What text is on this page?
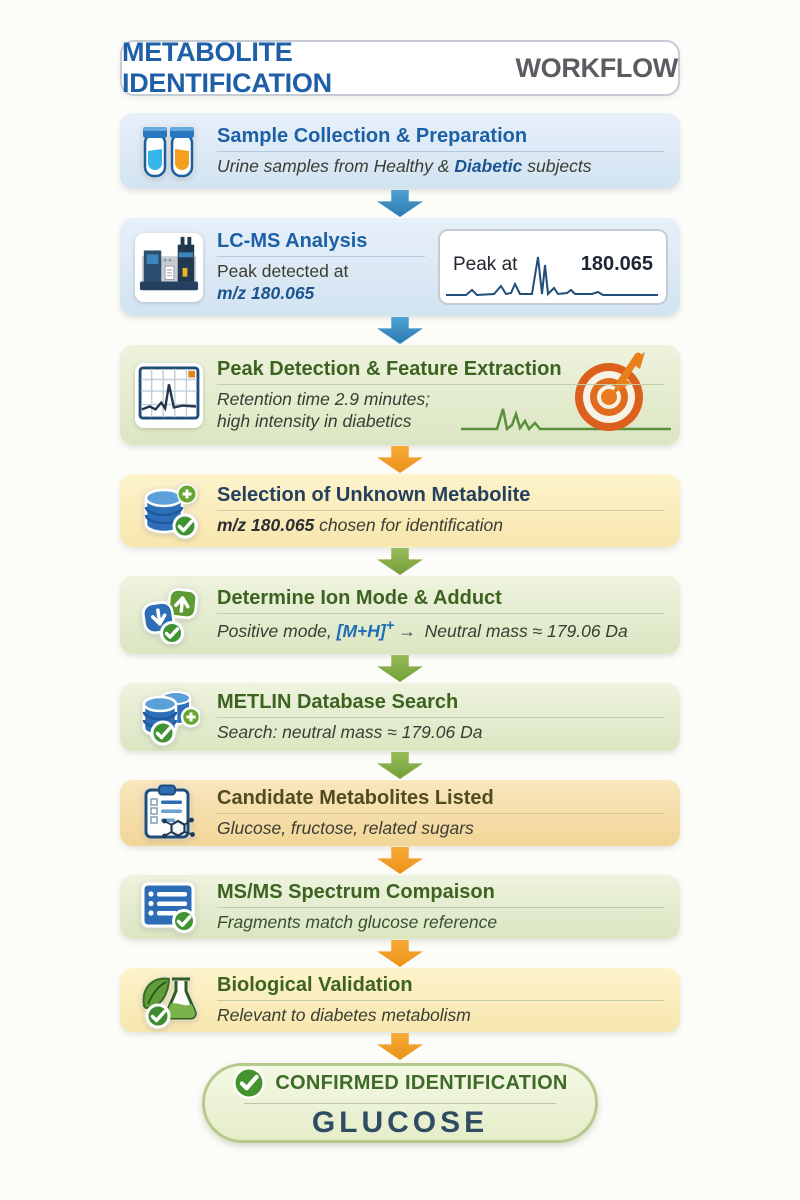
METABOLITE IDENTIFICATION
WORKFLOW
Sample Collection & Preparation
Urine samples from Healthy & Diabetic subjects
LC-MS Analysis
Peak detected at
m/z 180.065
Peak at	180.065
Peak Detection & Feature Extraction
Retention time 2.9 minutes;
high intensity in diabetics
Selection of Unknown Metabolite
m/z 180.065 chosen for identification
Determine Ion Mode & Adduct
Positive mode, [M+H]+ → Neutral mass ≈ 179.06 Da
METLIN Database Search
Search: neutral mass ≈ 179.06 Da
Candidate Metabolites Listed
Glucose, fructose, related sugars
MS/MS Spectrum Compaison
Fragments match glucose reference
Biological Validation
Relevant to diabetes metabolism
CONFIRMED IDENTIFICATION
GLUCOSE
